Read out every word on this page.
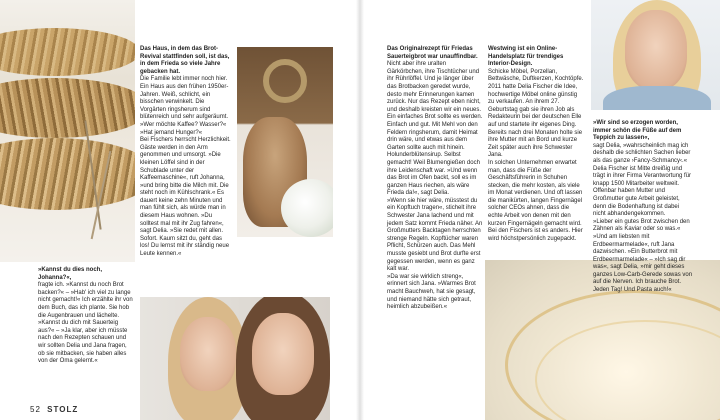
Das Haus, in dem das Brot-Revival stattfinden soll, ist das, in dem Frieda so viele Jahre gebacken hat.

Die Familie lebt immer noch hier. Ein Haus aus den frühen 1950er-Jahren. Weiß, schlicht, ein bisschen verwinkelt. Die Vorgärten ringsherum sind blütenreich und sehr aufgeräumt. »Wer möchte Kaffee? Wasser?« »Hat jemand Hunger?«

Bei Fischers herrscht Herzlichkeit. Gäste werden in den Arm genommen und umsorgt. »Die kleinen Löffel sind in der Schublade unter der Kaffeemaschine«, ruft Johanna, »und bring bitte die Milch mit. Die steht noch im Kühlschrank.« Es dauert keine zehn Minuten und man fühlt sich, als würde man in diesem Haus wohnen. »Du solltest mal mit ihr Zug fahren«, sagt Delia. »Sie redet mit allen. Sofort. Kaum sitzt du, geht das los! Du lernst mit ihr ständig neue Leute kennen.«

»Kannst du dies noch, Johanna?«,

fragte ich. »Kannst du noch Brot backen?« – »Hab' ich viel zu lange nicht gemacht!« Ich erzählte ihr von dem Buch, das ich plante. Sie hob die Augenbrauen und lächelte. »Kannst du dich mit Sauerteig aus?« – »Ja klar, aber ich müsste nach den Rezepten schauen und wir sollten Delia und Jana fragen, ob sie mitbacken, sie haben alles von der Oma gelernt.«

52 STOLZ

Das Originalrezept für Friedas Sauerteigbrot war unauffindbar.

Nicht aber ihre uralten Gärkörbchen, ihre Tischtücher und ihr Rührlöffel. Und je länger über das Brotbacken geredet wurde, desto mehr Erinnerungen kamen zurück. Nur das Rezept eben nicht, und deshalb kreisten wir ein neues.

Ein einfaches Brot sollte es werden. Einfach und gut. Mit Mehl von den Feldern ringsherum, damit Heimat drin wäre, und etwas aus dem Garten sollte auch mit hinein. Holunderblütensirup. Selbst gemacht! Weil Blumengießen doch ihre Leidenschaft war. »Und wenn das Brot im Ofen backt, soll es im ganzen Haus riechen, als wäre Frieda da!«, sagt Delia.

»Wenn sie hier wäre, müsstest du ein Kopftuch tragen«, stichelt ihre Schwester Jana lachend und mit jedem Satz kommt Frieda näher. An Großmutters Backtagen herrschten strenge Regeln. Kopftücher waren Pflicht, Schürzen auch. Das Mehl musste gesiebt und Brot durfte erst gegessen werden, wenn es ganz kalt war.

»Da war sie wirklich streng«, erinnert sich Jana. »Warmes Brot macht Bauchweh, hat sie gesagt, und niemand hätte sich getraut, heimlich abzubeißen.«

Westwing ist ein Online-Handelsplatz für trendiges Interior-Design.

Schicke Möbel, Porzellan, Bettwäsche, Duftkerzen, Kochtöpfe. 2011 hatte Delia Fischer die Idee, hochwertige Möbel online günstig zu verkaufen. An ihrem 27. Geburtstag gab sie ihren Job als Redakteurin bei der deutschen Elle auf und startete ihr eigenes Ding. Bereits nach drei Monaten holte sie ihre Mutter mit an Bord und kurze Zeit später auch ihre Schwester Jana.

In solchen Unternehmen erwartet man, dass die Füße der Geschäftsführerin in Schuhen stecken, die mehr kosten, als viele im Monat verdienen. Und oft lassen die manikürten, langen Fingernägel solcher CEOs ahnen, dass die echte Arbeit von denen mit den kurzen Fingernägeln gemacht wird. Bei den Fischers ist es anders. Hier wird höchstpersönlich zugepackt.

»Wir sind so erzogen worden, immer schön die Füße auf dem Teppich zu lassen«,

sagt Delia, »wahrscheinlich mag ich deshalb die schlichten Sachen lieber als das ganze ›Fancy-Schmancy‹.« Delia Fischer ist Mitte dreißig und trägt in ihrer Firma Verantwortung für knapp 1500 Mitarbeiter weltweit. Offenbar haben Mutter und Großmutter gute Arbeit geleistet, denn die Bodenhaftung ist dabei nicht abhandengekommen.

»Lieber ein gutes Brot zwischen den Zähnen als Kaviar oder so was.« »Und am liebsten mit Erdbeermarmelade«, ruft Jana dazwischen. »Ein Butterbrot mit Erdbeermarmelade« – »Ich sag dir was«, sagt Delia, »mir geht dieses ganzes Low-Carb-Gerede sowas von auf die Nerven. Ich brauche Brot. Jeden Tag! Und Pasta auch!«
